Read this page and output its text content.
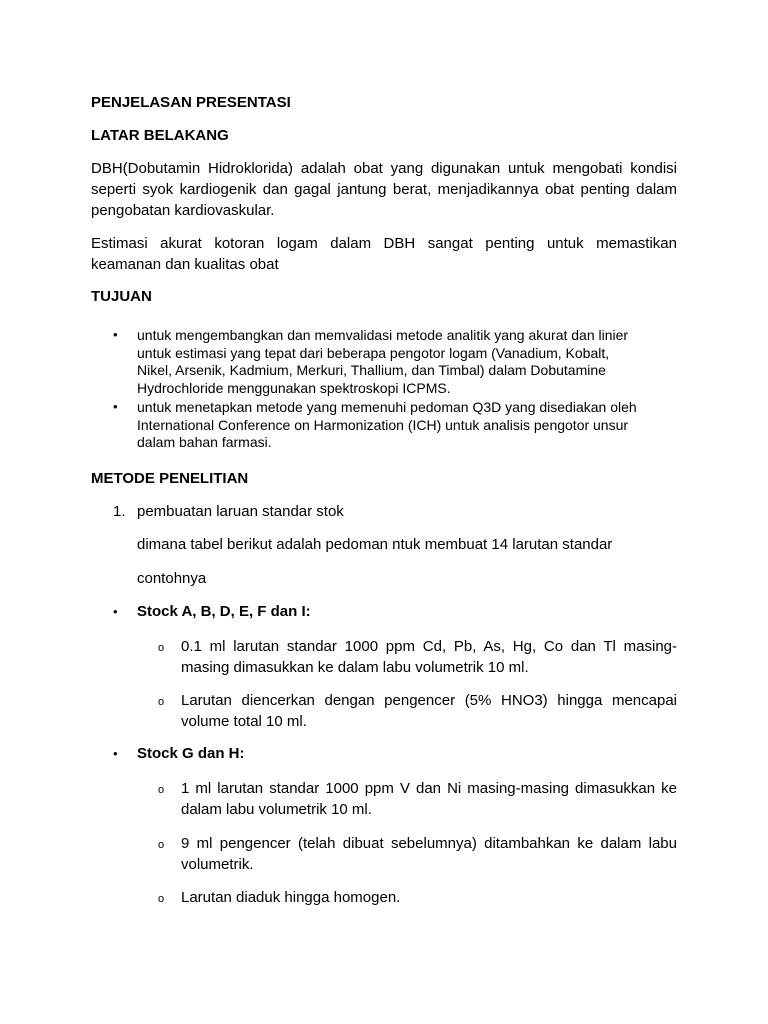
PENJELASAN PRESENTASI
LATAR BELAKANG
DBH(Dobutamin Hidroklorida) adalah obat yang digunakan untuk mengobati kondisi
seperti syok kardiogenik dan gagal jantung berat, menjadikannya obat penting dalam
pengobatan kardiovaskular.
Estimasi akurat kotoran logam dalam DBH sangat penting untuk memastikan
keamanan dan kualitas obat
TUJUAN
• untuk mengembangkan dan memvalidasi metode analitik yang akurat dan linier
untuk estimasi yang tepat dari beberapa pengotor logam (Vanadium, Kobalt,
Nikel, Arsenik, Kadmium, Merkuri, Thallium, dan Timbal) dalam Dobutamine
Hydrochloride menggunakan spektroskopi ICPMS.
• untuk menetapkan metode yang memenuhi pedoman Q3D yang disediakan oleh
International Conference on Harmonization (ICH) untuk analisis pengotor unsur
dalam bahan farmasi.
METODE PENELITIAN
1. pembuatan laruan standar stok
dimana tabel berikut adalah pedoman ntuk membuat 14 larutan standar
contohnya
• Stock A, B, D, E, F dan I:
o 0.1 ml larutan standar 1000 ppm Cd, Pb, As, Hg, Co dan Tl masing-
masing dimasukkan ke dalam labu volumetrik 10 ml.
o Larutan diencerkan dengan pengencer (5% HNO3) hingga mencapai
volume total 10 ml.
• Stock G dan H:
o 1 ml larutan standar 1000 ppm V dan Ni masing-masing dimasukkan ke
dalam labu volumetrik 10 ml.
o 9 ml pengencer (telah dibuat sebelumnya) ditambahkan ke dalam labu
volumetrik.
o Larutan diaduk hingga homogen.
